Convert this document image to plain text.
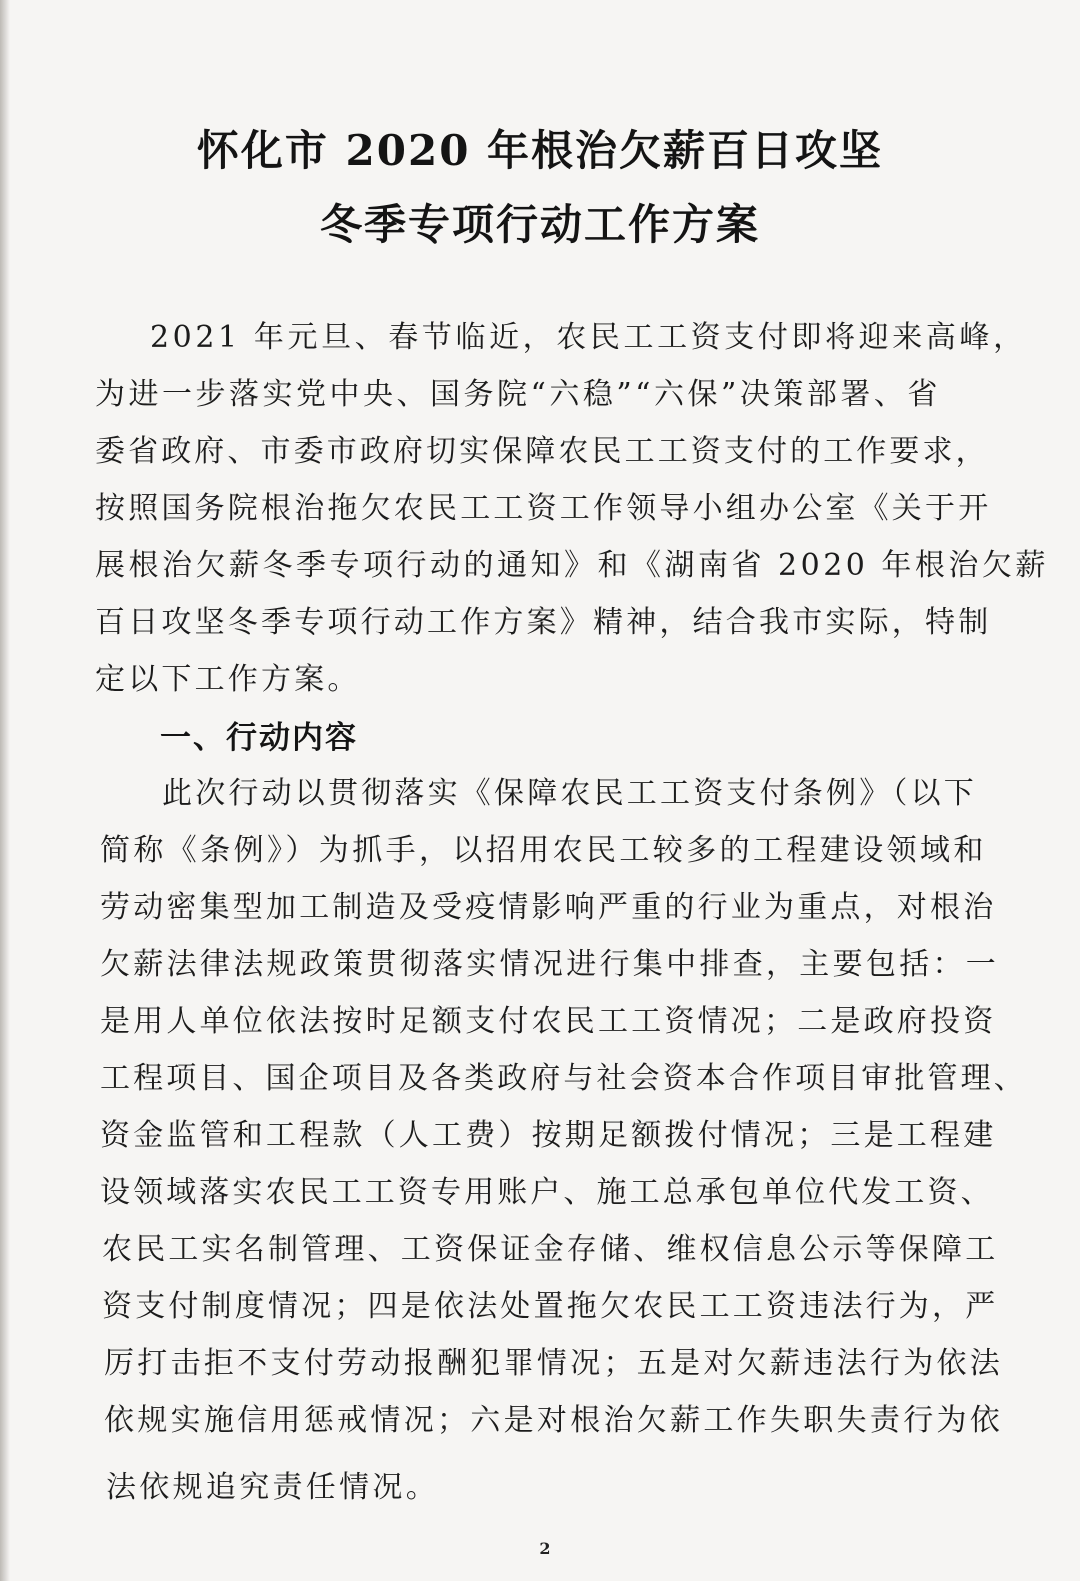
怀化市 2020 年根治欠薪百日攻坚
冬季专项行动工作方案

2021 年元旦、春节临近，农民工工资支付即将迎来高峰，

为进一步落实党中央、国务院“六稳”“六保”决策部署、省

委省政府、市委市政府切实保障农民工工资支付的工作要求，

按照国务院根治拖欠农民工工资工作领导小组办公室《关于开

展根治欠薪冬季专项行动的通知》和《湖南省 2020 年根治欠薪

百日攻坚冬季专项行动工作方案》精神，结合我市实际，特制

定以下工作方案。

一、行动内容

此次行动以贯彻落实《保障农民工工资支付条例》（以下

简称《条例》）为抓手，以招用农民工较多的工程建设领域和

劳动密集型加工制造及受疫情影响严重的行业为重点，对根治

欠薪法律法规政策贯彻落实情况进行集中排查，主要包括：一

是用人单位依法按时足额支付农民工工资情况；二是政府投资

工程项目、国企项目及各类政府与社会资本合作项目审批管理、

资金监管和工程款（人工费）按期足额拨付情况；三是工程建

设领域落实农民工工资专用账户、施工总承包单位代发工资、

农民工实名制管理、工资保证金存储、维权信息公示等保障工

资支付制度情况；四是依法处置拖欠农民工工资违法行为，严

厉打击拒不支付劳动报酬犯罪情况；五是对欠薪违法行为依法

依规实施信用惩戒情况；六是对根治欠薪工作失职失责行为依

法依规追究责任情况。

2
